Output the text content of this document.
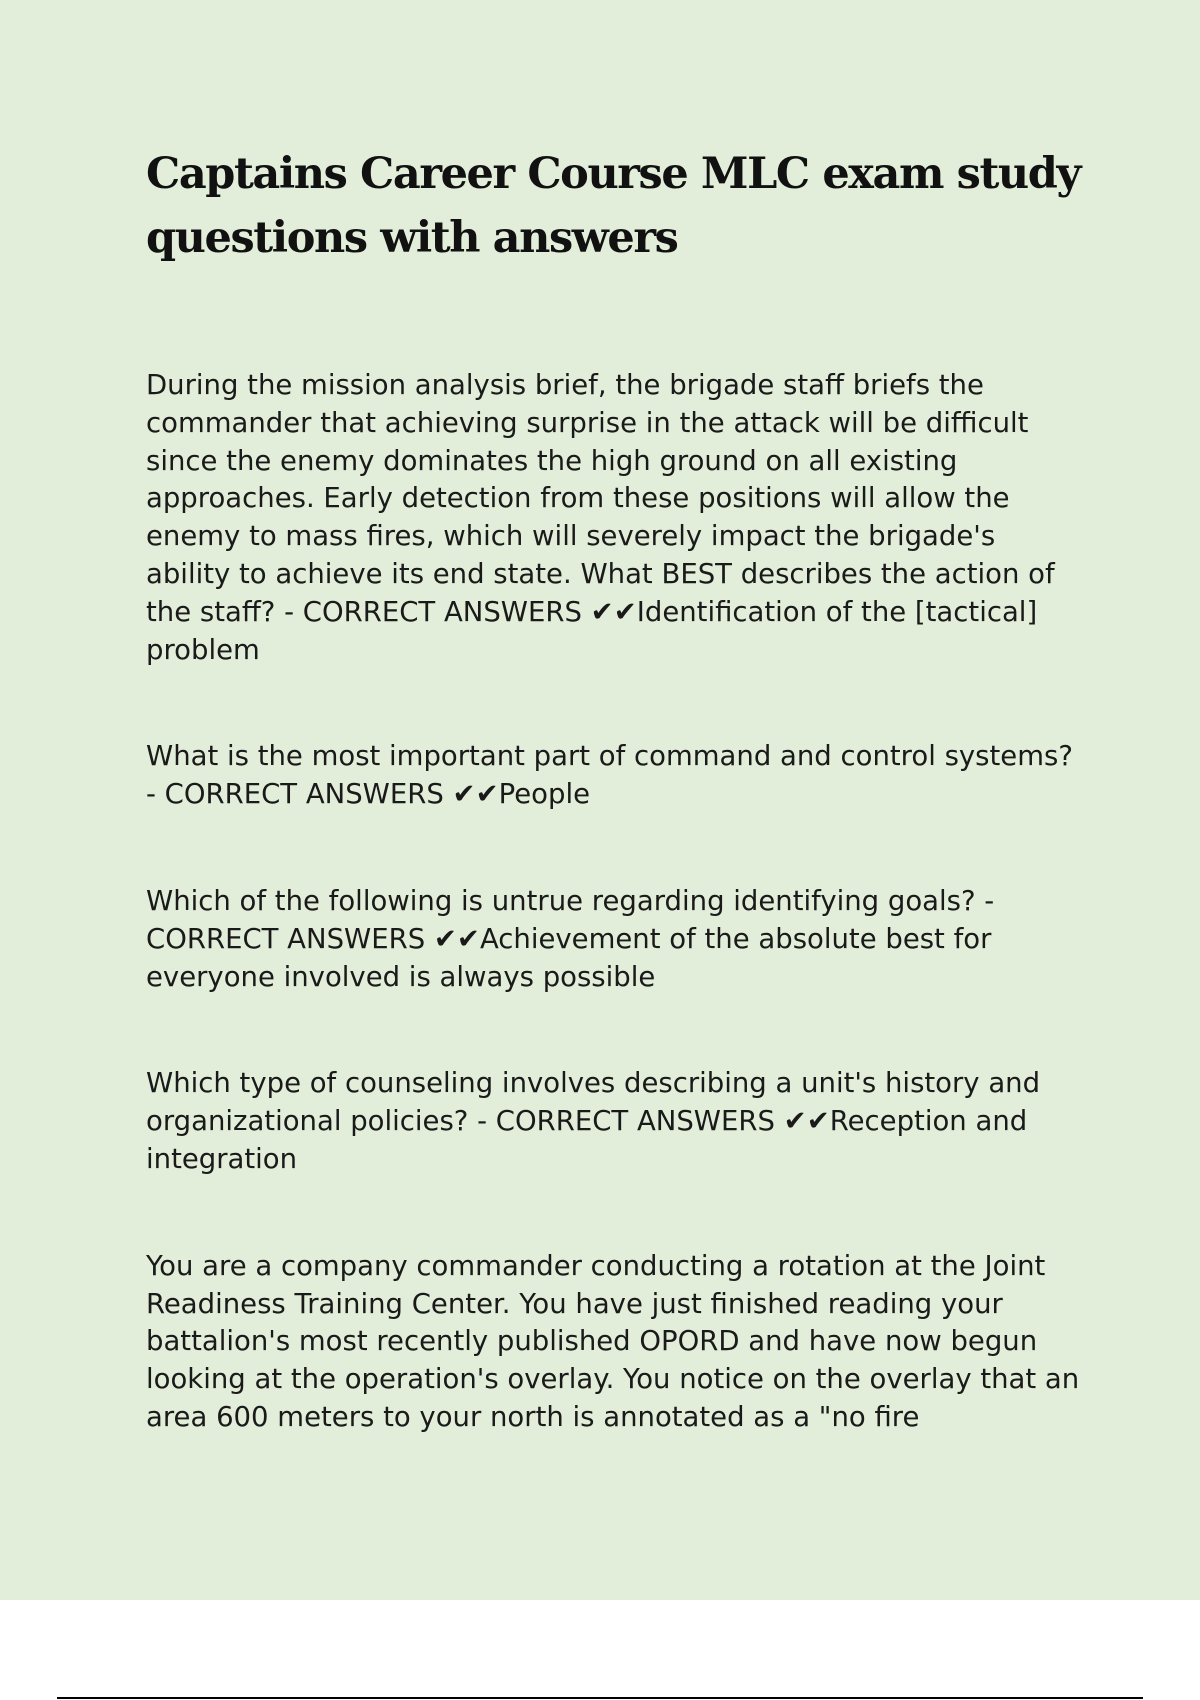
Captains Career Course MLC exam study questions with answers

During the mission analysis brief, the brigade staff briefs the commander that achieving surprise in the attack will be difficult since the enemy dominates the high ground on all existing approaches. Early detection from these positions will allow the enemy to mass fires, which will severely impact the brigade's ability to achieve its end state. What BEST describes the action of the staff? - CORRECT ANSWERS ✔✔Identification of the [tactical] problem

What is the most important part of command and control systems? - CORRECT ANSWERS ✔✔People

Which of the following is untrue regarding identifying goals? - CORRECT ANSWERS ✔✔Achievement of the absolute best for everyone involved is always possible

Which type of counseling involves describing a unit's history and organizational policies? - CORRECT ANSWERS ✔✔Reception and integration

You are a company commander conducting a rotation at the Joint Readiness Training Center. You have just finished reading your battalion's most recently published OPORD and have now begun looking at the operation's overlay. You notice on the overlay that an area 600 meters to your north is annotated as a "no fire
